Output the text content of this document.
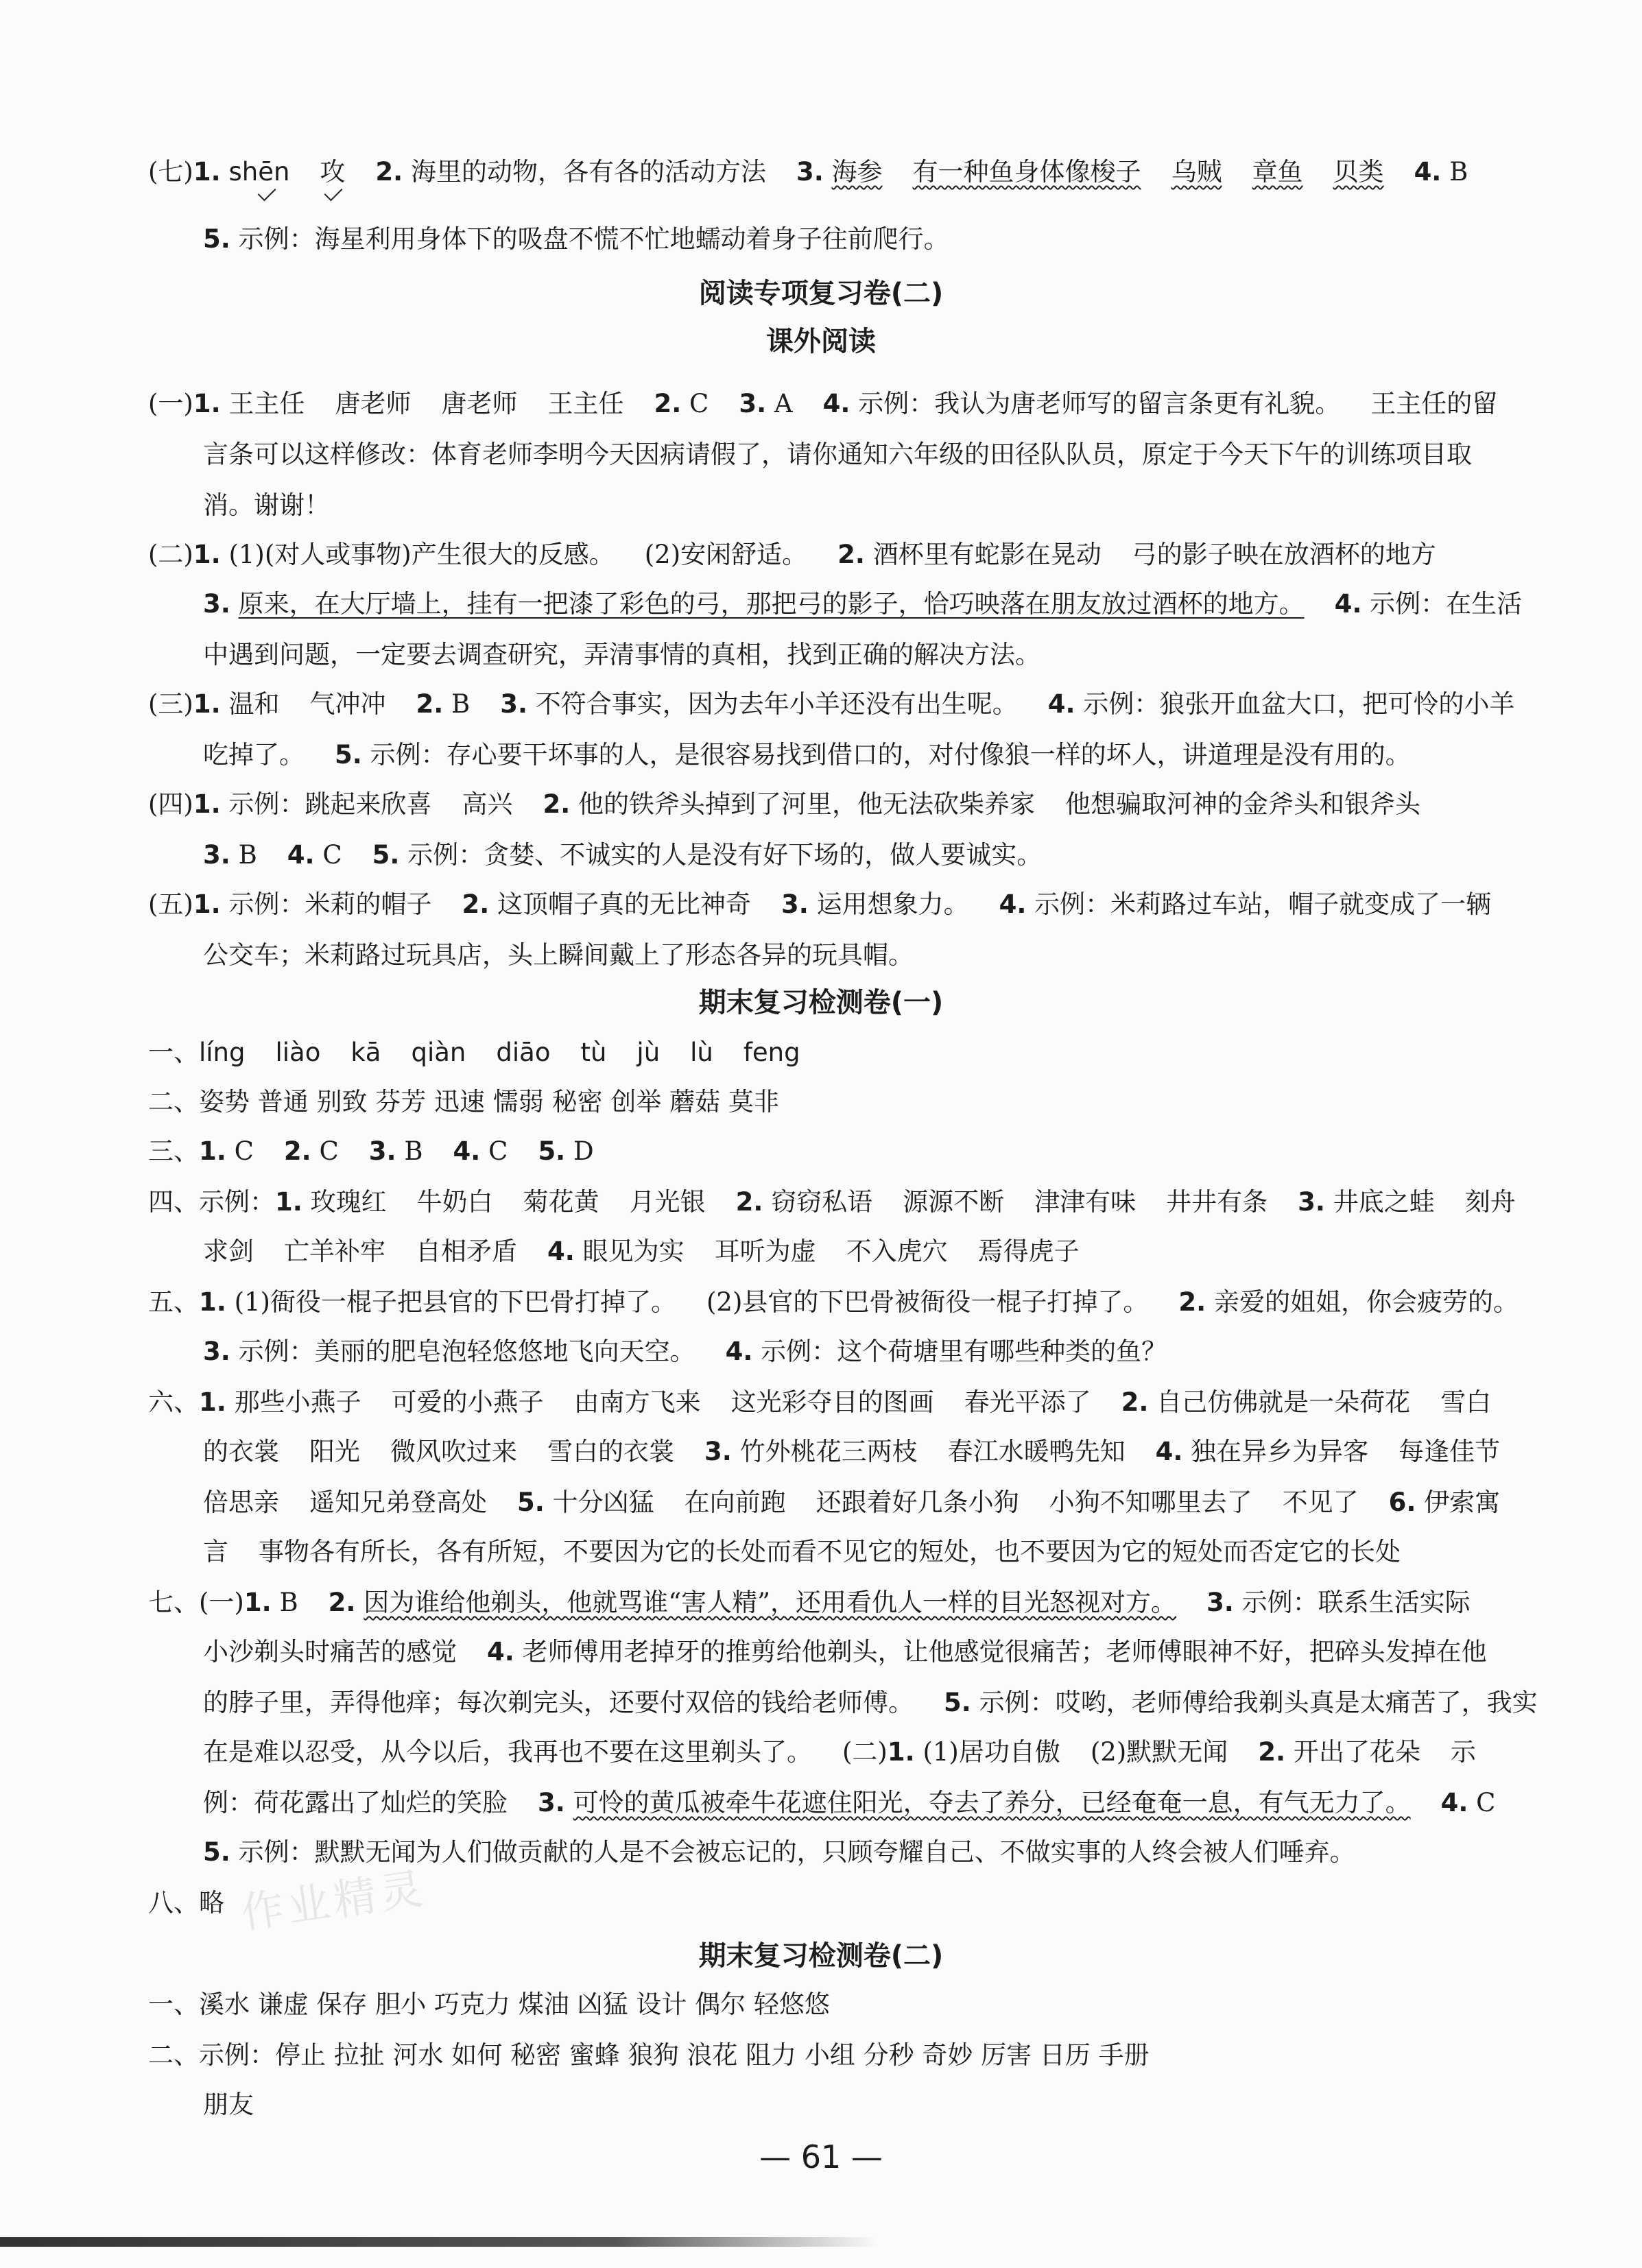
(七)1. shēn 攻 2. 海里的动物，各有各的活动方法 3. 海参 有一种鱼身体像梭子 乌贼 章鱼 贝类 4. B
5. 示例：海星利用身体下的吸盘不慌不忙地蠕动着身子往前爬行。
阅读专项复习卷(二)
课外阅读
(一)1. 王主任 唐老师 唐老师 王主任 2. C 3. A 4. 示例：我认为唐老师写的留言条更有礼貌。 王主任的留
言条可以这样修改：体育老师李明今天因病请假了，请你通知六年级的田径队队员，原定于今天下午的训练项目取
消。谢谢！
(二)1. (1)(对人或事物)产生很大的反感。 (2)安闲舒适。 2. 酒杯里有蛇影在晃动 弓的影子映在放酒杯的地方
3. 原来，在大厅墙上，挂有一把漆了彩色的弓，那把弓的影子，恰巧映落在朋友放过酒杯的地方。 4. 示例：在生活
中遇到问题，一定要去调查研究，弄清事情的真相，找到正确的解决方法。
(三)1. 温和 气冲冲 2. B 3. 不符合事实，因为去年小羊还没有出生呢。 4. 示例：狼张开血盆大口，把可怜的小羊
吃掉了。 5. 示例：存心要干坏事的人，是很容易找到借口的，对付像狼一样的坏人，讲道理是没有用的。
(四)1. 示例：跳起来欣喜 高兴 2. 他的铁斧头掉到了河里，他无法砍柴养家 他想骗取河神的金斧头和银斧头
3. B 4. C 5. 示例：贪婪、不诚实的人是没有好下场的，做人要诚实。
(五)1. 示例：米莉的帽子 2. 这顶帽子真的无比神奇 3. 运用想象力。 4. 示例：米莉路过车站，帽子就变成了一辆
公交车；米莉路过玩具店，头上瞬间戴上了形态各异的玩具帽。
期末复习检测卷(一)
一、líng liào kā qiàn diāo tù jù lù feng
二、姿势 普通 别致 芬芳 迅速 懦弱 秘密 创举 蘑菇 莫非
三、1. C 2. C 3. B 4. C 5. D
四、示例：1. 玫瑰红 牛奶白 菊花黄 月光银 2. 窃窃私语 源源不断 津津有味 井井有条 3. 井底之蛙 刻舟
求剑 亡羊补牢 自相矛盾 4. 眼见为实 耳听为虚 不入虎穴 焉得虎子
五、1. (1)衙役一棍子把县官的下巴骨打掉了。 (2)县官的下巴骨被衙役一棍子打掉了。 2. 亲爱的姐姐，你会疲劳的。
3. 示例：美丽的肥皂泡轻悠悠地飞向天空。 4. 示例：这个荷塘里有哪些种类的鱼？
六、1. 那些小燕子 可爱的小燕子 由南方飞来 这光彩夺目的图画 春光平添了 2. 自己仿佛就是一朵荷花 雪白
的衣裳 阳光 微风吹过来 雪白的衣裳 3. 竹外桃花三两枝 春江水暖鸭先知 4. 独在异乡为异客 每逢佳节
倍思亲 遥知兄弟登高处 5. 十分凶猛 在向前跑 还跟着好几条小狗 小狗不知哪里去了 不见了 6. 伊索寓
言 事物各有所长，各有所短，不要因为它的长处而看不见它的短处，也不要因为它的短处而否定它的长处
七、(一)1. B 2. 因为谁给他剃头，他就骂谁“害人精”，还用看仇人一样的目光怒视对方。 3. 示例：联系生活实际
小沙剃头时痛苦的感觉 4. 老师傅用老掉牙的推剪给他剃头，让他感觉很痛苦；老师傅眼神不好，把碎头发掉在他
的脖子里，弄得他痒；每次剃完头，还要付双倍的钱给老师傅。 5. 示例：哎哟，老师傅给我剃头真是太痛苦了，我实
在是难以忍受，从今以后，我再也不要在这里剃头了。 (二)1. (1)居功自傲 (2)默默无闻 2. 开出了花朵 示
例：荷花露出了灿烂的笑脸 3. 可怜的黄瓜被牵牛花遮住阳光，夺去了养分，已经奄奄一息，有气无力了。 4. C
5. 示例：默默无闻为人们做贡献的人是不会被忘记的，只顾夸耀自己、不做实事的人终会被人们唾弃。
八、略 作业精灵
期末复习检测卷(二)
一、溪水 谦虚 保存 胆小 巧克力 煤油 凶猛 设计 偶尔 轻悠悠
二、示例：停止 拉扯 河水 如何 秘密 蜜蜂 狼狗 浪花 阻力 小组 分秒 奇妙 厉害 日历 手册
朋友
— 61 —
